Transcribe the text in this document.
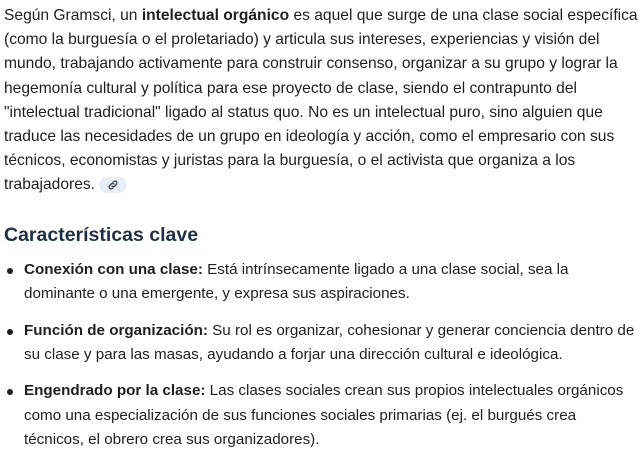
Según Gramsci, un intelectual orgánico es aquel que surge de una clase social específica (como la burguesía o el proletariado) y articula sus intereses, experiencias y visión del mundo, trabajando activamente para construir consenso, organizar a su grupo y lograr la hegemonía cultural y política para ese proyecto de clase, siendo el contrapunto del "intelectual tradicional" ligado al status quo. No es un intelectual puro, sino alguien que traduce las necesidades de un grupo en ideología y acción, como el empresario con sus técnicos, economistas y juristas para la burguesía, o el activista que organiza a los trabajadores.

Características clave
Conexión con una clase: Está intrínsecamente ligado a una clase social, sea la dominante o una emergente, y expresa sus aspiraciones.
Función de organización: Su rol es organizar, cohesionar y generar conciencia dentro de su clase y para las masas, ayudando a forjar una dirección cultural e ideológica.
Engendrado por la clase: Las clases sociales crean sus propios intelectuales orgánicos como una especialización de sus funciones sociales primarias (ej. el burgués crea técnicos, el obrero crea sus organizadores).
